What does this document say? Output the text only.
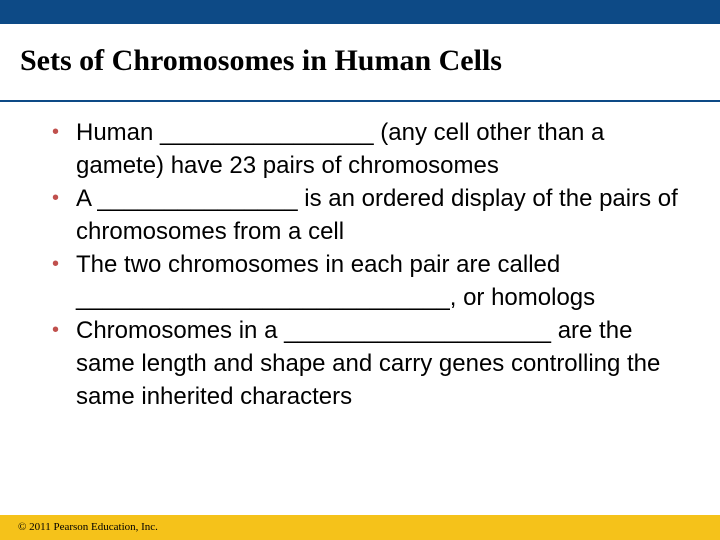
Sets of Chromosomes in Human Cells
• Human ________________ (any cell other than a gamete) have 23 pairs of chromosomes
• A _______________ is an ordered display of the pairs of chromosomes from a cell
• The two chromosomes in each pair are called ____________________________, or homologs
• Chromosomes in a ____________________ are the same length and shape and carry genes controlling the same inherited characters
© 2011 Pearson Education, Inc.
